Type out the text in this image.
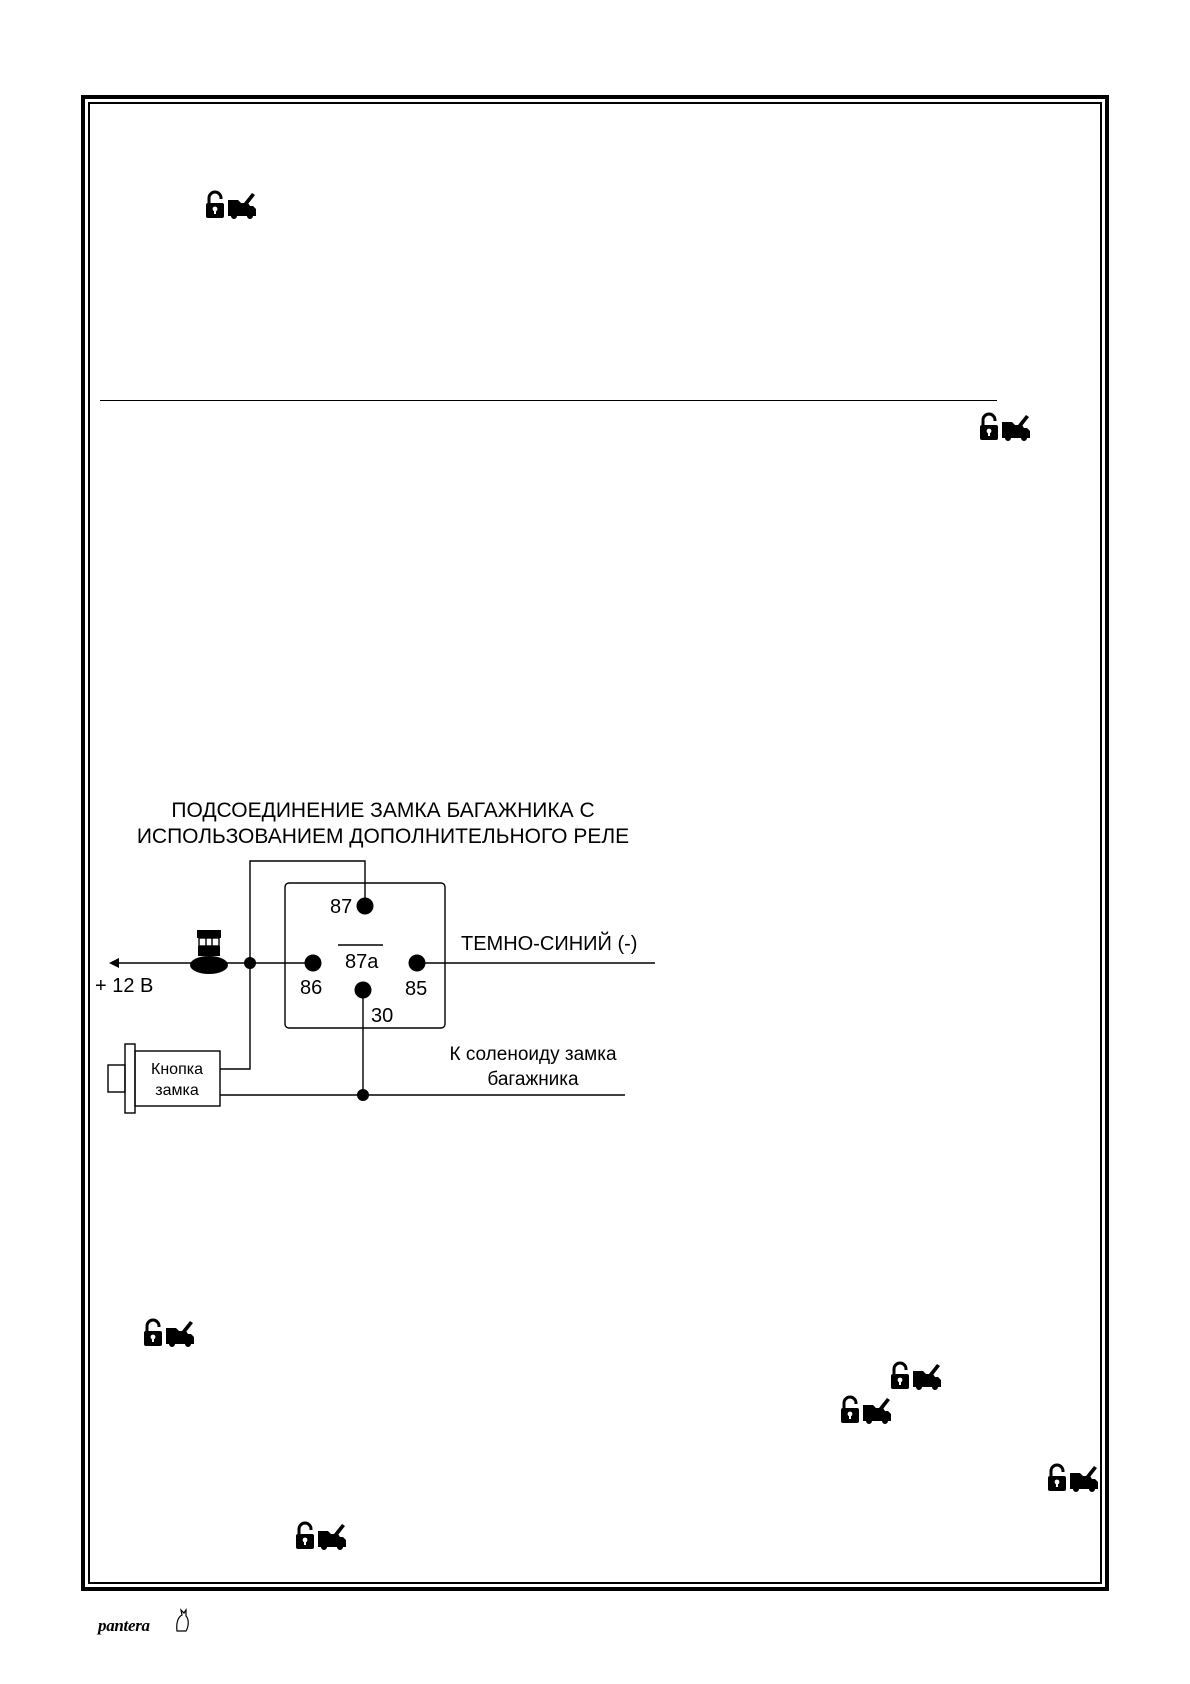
ПОДСОЕДИНЕНИЕ ЗАМКА БАГАЖНИКА С
ИСПОЛЬЗОВАНИЕМ ДОПОЛНИТЕЛЬНОГО РЕЛЕ
87
87a
86	85
30
ТЕМНО-СИНИЙ (-)
+ 12 В
Кнопка
замка
К соленоиду замка
багажника
pantera
